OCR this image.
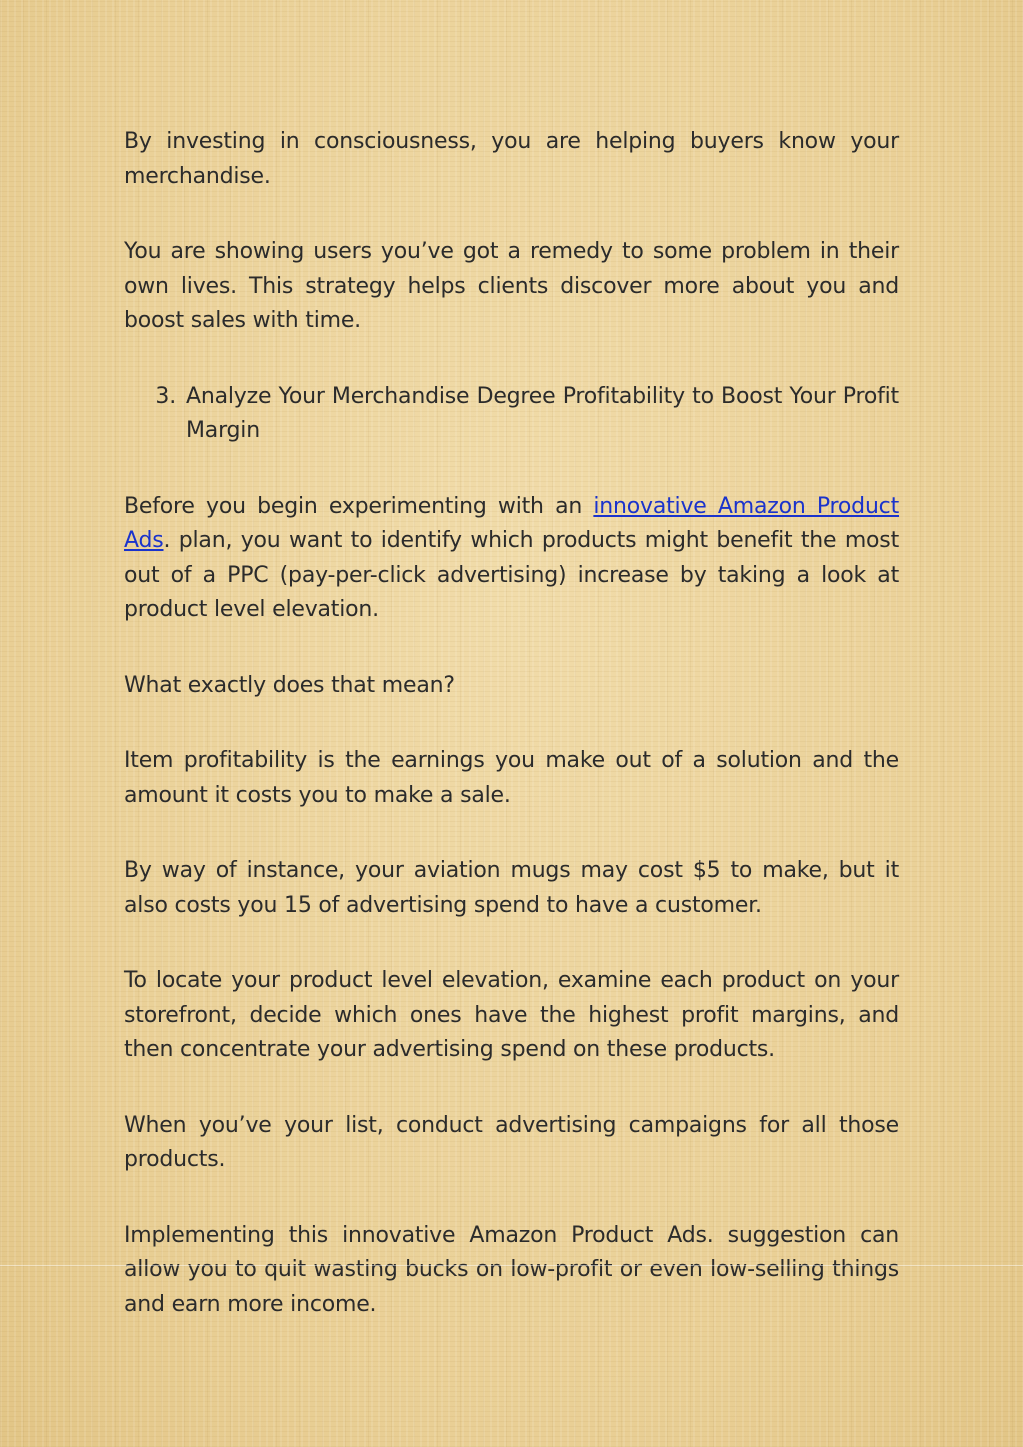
By investing in consciousness, you are helping buyers know your merchandise.

You are showing users you’ve got a remedy to some problem in their own lives. This strategy helps clients discover more about you and boost sales with time.

3. Analyze Your Merchandise Degree Profitability to Boost Your Profit Margin

Before you begin experimenting with an innovative Amazon Product Ads. plan, you want to identify which products might benefit the most out of a PPC (pay-per-click advertising) increase by taking a look at product level elevation.

What exactly does that mean?

Item profitability is the earnings you make out of a solution and the amount it costs you to make a sale.

By way of instance, your aviation mugs may cost $5 to make, but it also costs you 15 of advertising spend to have a customer.

To locate your product level elevation, examine each product on your storefront, decide which ones have the highest profit margins, and then concentrate your advertising spend on these products.

When you’ve your list, conduct advertising campaigns for all those products.

Implementing this innovative Amazon Product Ads. suggestion can allow you to quit wasting bucks on low-profit or even low-selling things and earn more income.
